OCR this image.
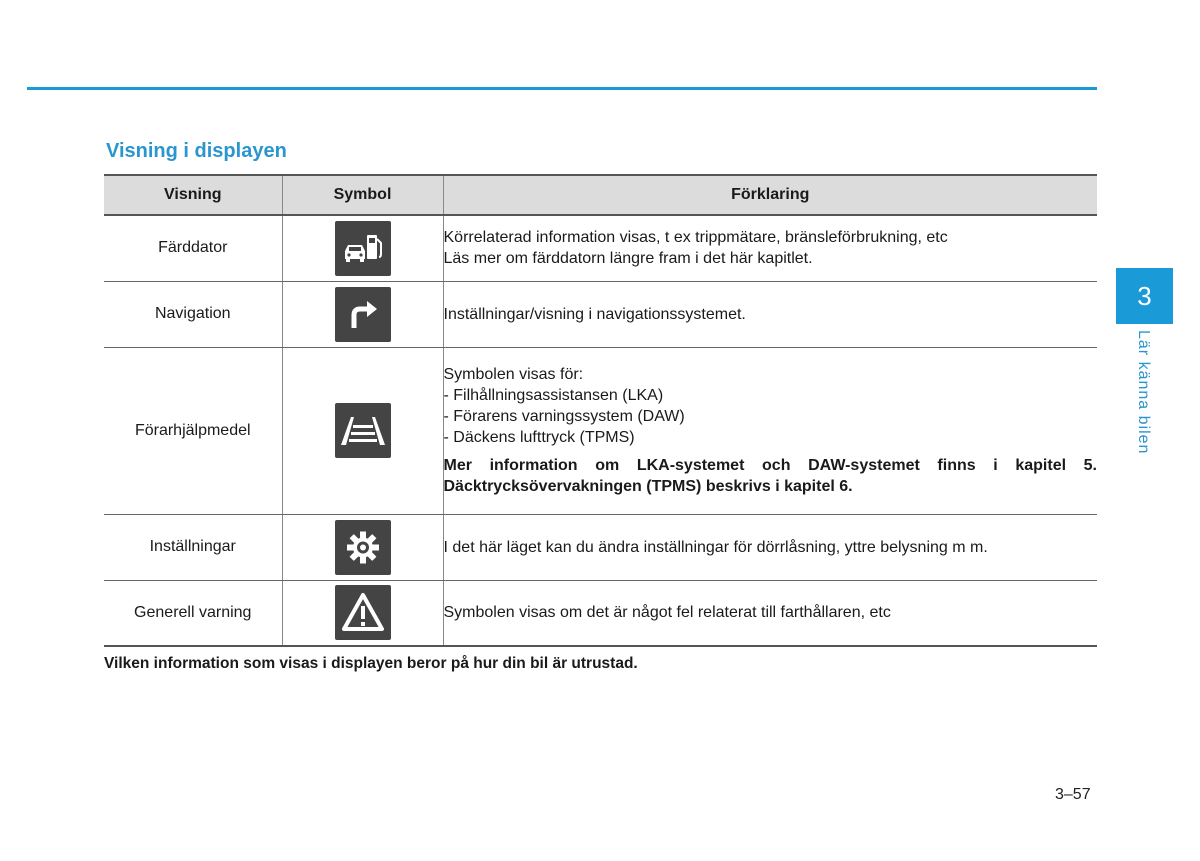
Visning i displayen
Visning	Symbol	Förklaring
Färddator		Körrelaterad information visas, t ex trippmätare, bränsleförbrukning, etc
Läs mer om färddatorn längre fram i det här kapitlet.

Navigation		Inställningar/visning i navigationssystemet.

Förarhjälpmedel		Symbolen visas för:
- Filhållningsassistansen (LKA)
- Förarens varningssystem (DAW)
- Däckens lufttryck (TPMS)
Mer information om LKA-systemet och DAW-systemet finns i kapitel 5. Däcktrycksövervakningen (TPMS) beskrivs i kapitel 6.

Inställningar		I det här läget kan du ändra inställningar för dörrlåsning, yttre belysning m m.

Generell varning		Symbolen visas om det är något fel relaterat till farthållaren, etc
Vilken information som visas i displayen beror på hur din bil är utrustad.
3
Lär känna bilen
3–57
